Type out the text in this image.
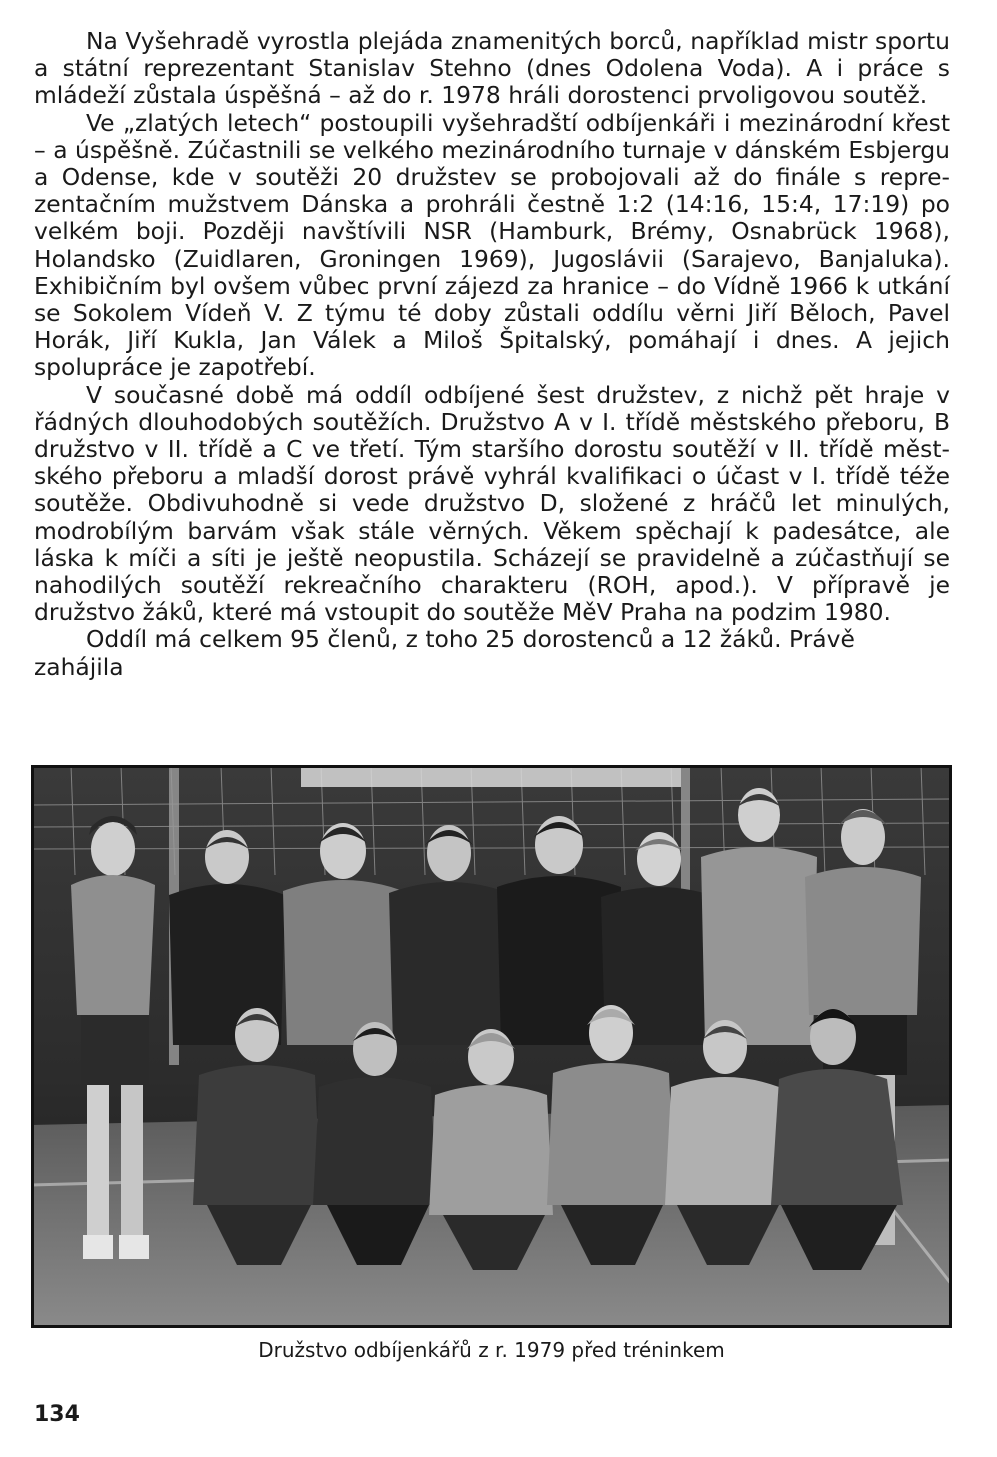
Na Vyšehradě vyrostla plejáda znamenitých borců, například mistr sportu a státní reprezentant Stanislav Stehno (dnes Odolena Voda). A i práce s mládeží zůstala úspěšná – až do r. 1978 hráli dorostenci prvoligovou soutěž.

Ve „zlatých letech“ postoupili vyšehradští odbíjenkáři i mezinárodní křest – a úspěšně. Zúčastnili se velkého mezinárodního turnaje v dánském Esbjergu a Odense, kde v soutěži 20 družstev se probojovali až do finále s reprezentačním mužstvem Dánska a prohráli čestně 1:2 (14:16, 15:4, 17:19) po velkém boji. Později navštívili NSR (Hamburk, Brémy, Osnabrück 1968), Holandsko (Zuidlaren, Groningen 1969), Jugoslávii (Sarajevo, Banjaluka). Exhibičním byl ovšem vůbec první zájezd za hranice – do Vídně 1966 k utkání se Sokolem Vídeň V. Z týmu té doby zůstali oddílu věrni Jiří Běloch, Pavel Horák, Jiří Kukla, Jan Válek a Miloš Špitalský, pomáhají i dnes. A jejich spolupráce je zapotřebí.

V současné době má oddíl odbíjené šest družstev, z nichž pět hraje v řádných dlouhodobých soutěžích. Družstvo A v I. třídě městského přeboru, B družstvo v II. třídě a C ve třetí. Tým staršího dorostu soutěží v II. třídě městského přeboru a mladší dorost právě vyhrál kvalifikaci o účast v I. třídě téže soutěže. Obdivuhodně si vede družstvo D, složené z hráčů let minulých, modrobílým barvám však stále věrných. Věkem spěchají k padesátce, ale láska k míči a síti je ještě neopustila. Scházejí se pravidelně a zúčastňují se nahodilých soutěží rekreačního charakteru (ROH, apod.). V přípravě je družstvo žáků, které má vstoupit do soutěže MěV Praha na podzim 1980.

Oddíl má celkem 95 členů, z toho 25 dorostenců a 12 žáků. Právě zahájila

Družstvo odbíjenkářů z r. 1979 před tréninkem
134
